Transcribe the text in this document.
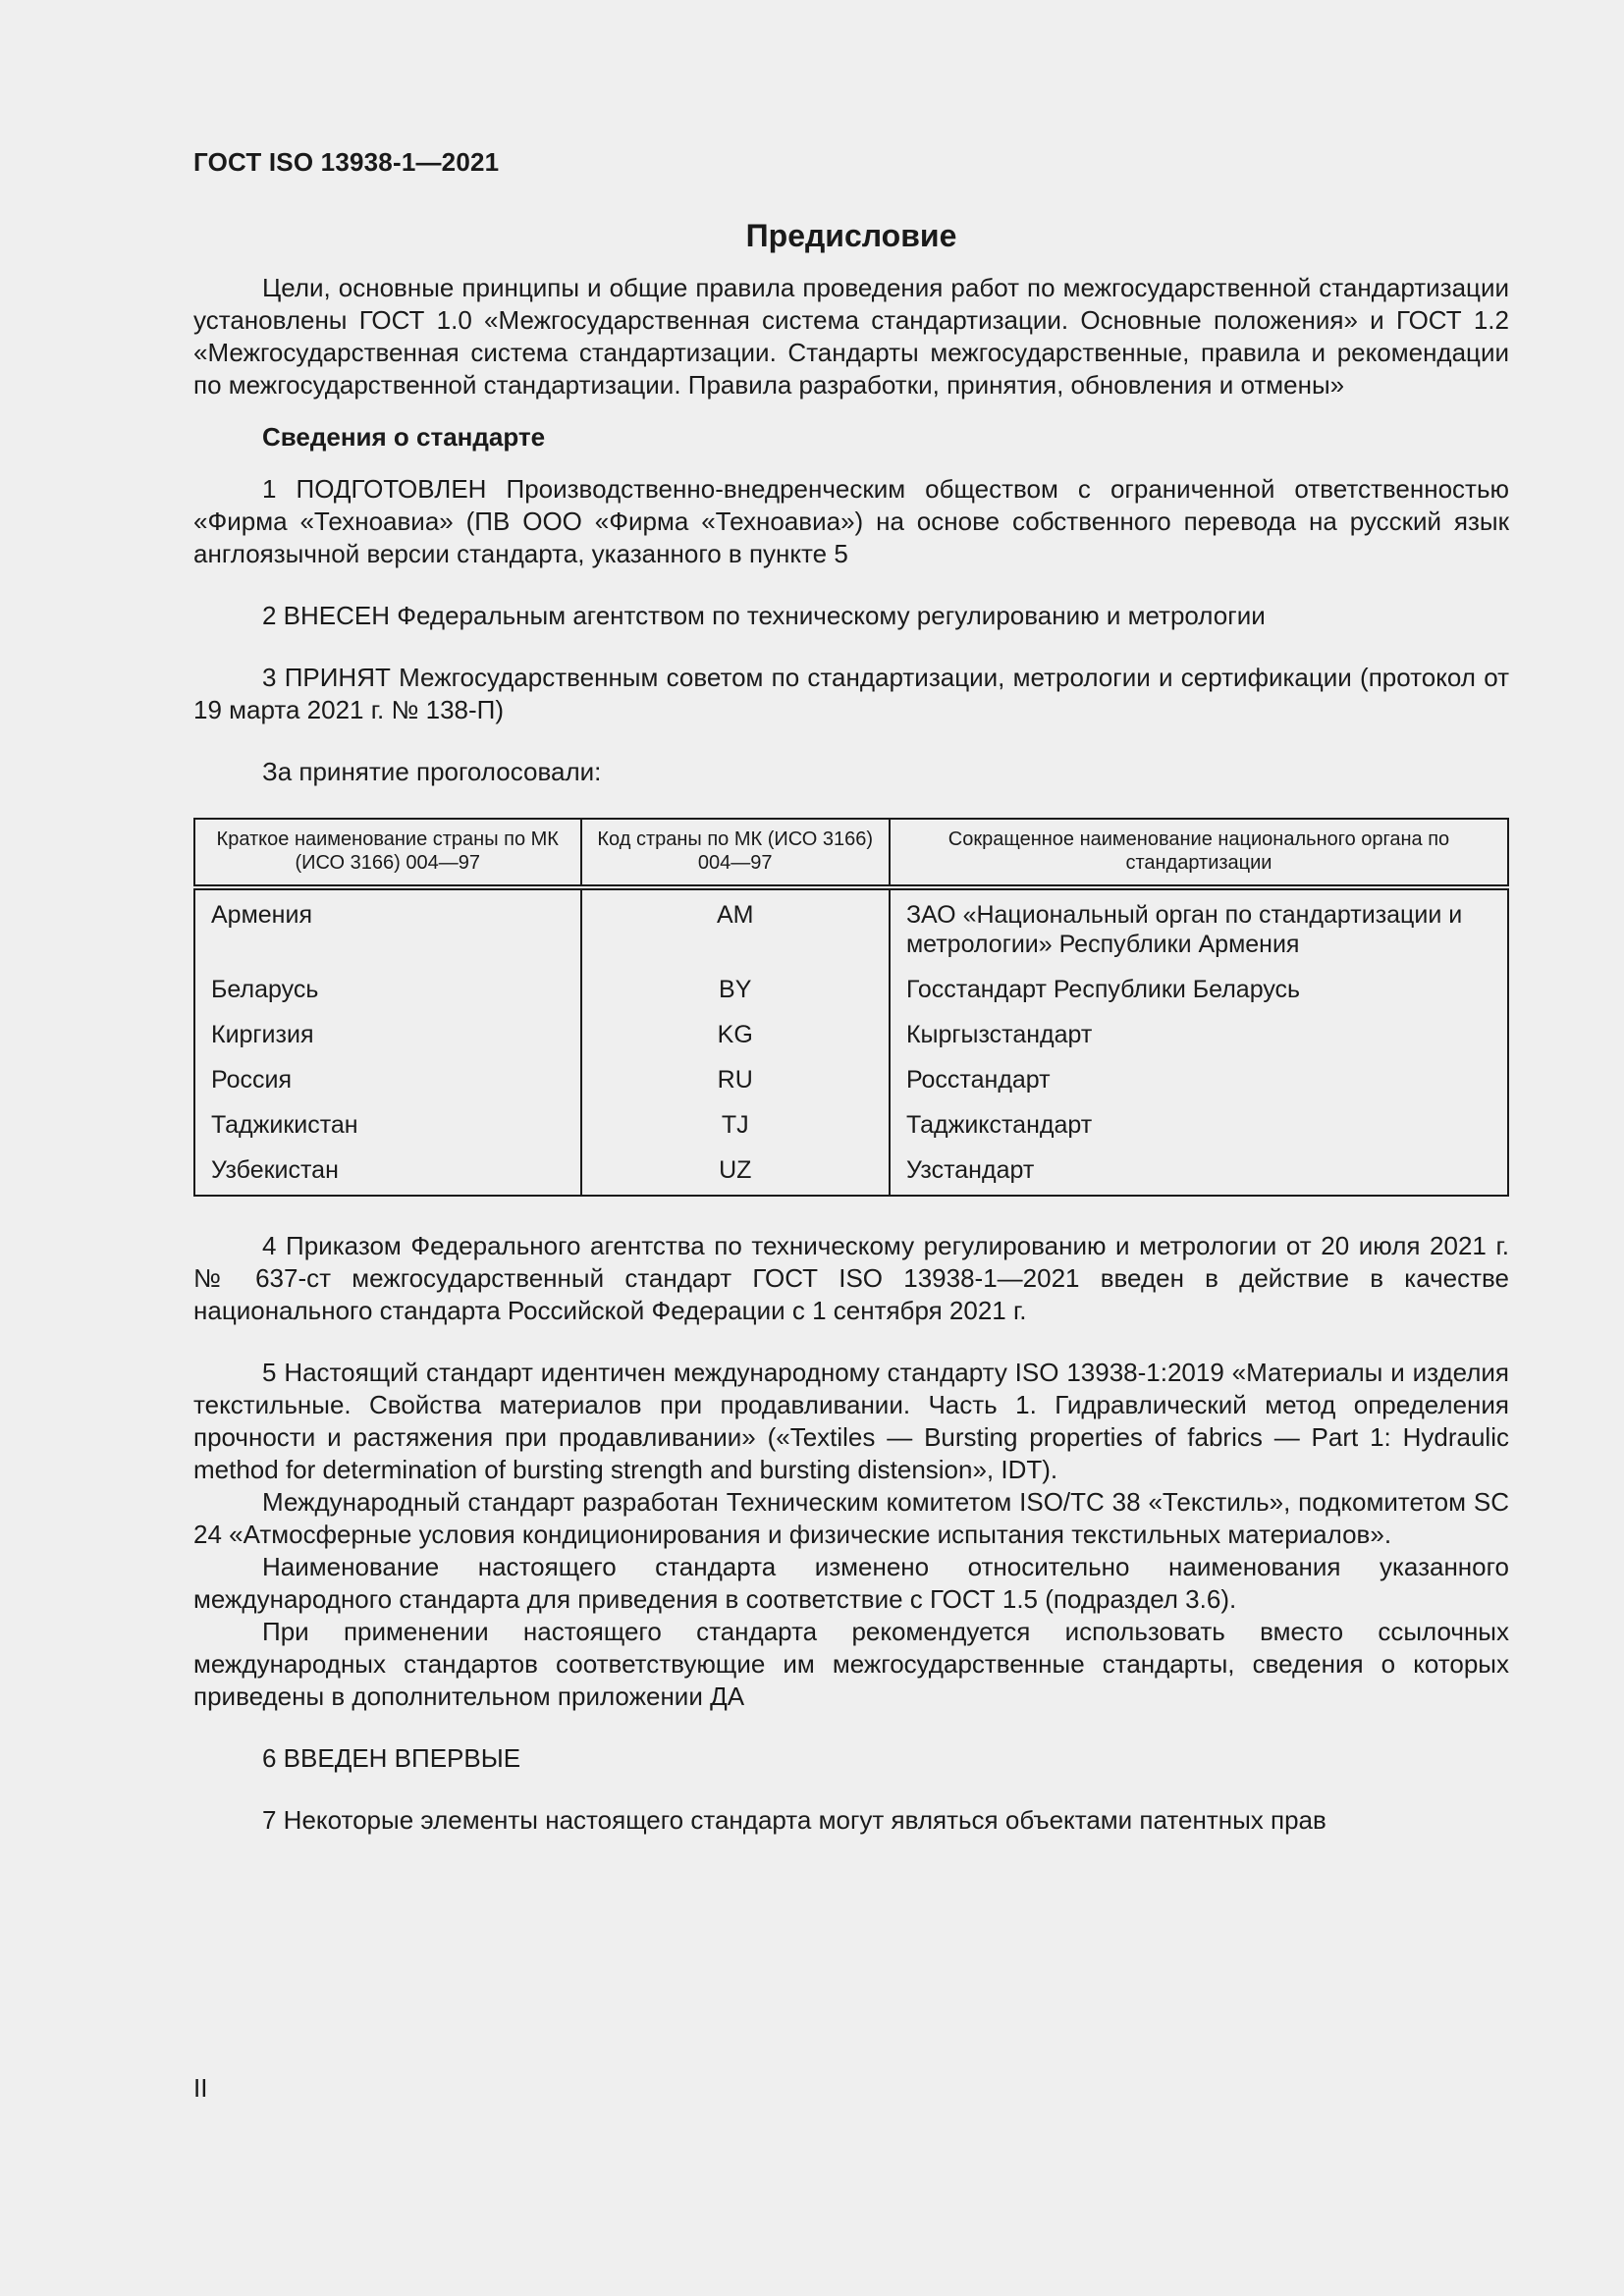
ГОСТ ISO 13938-1—2021
Предисловие

Цели, основные принципы и общие правила проведения работ по межгосударственной стандартизации установлены ГОСТ 1.0 «Межгосударственная система стандартизации. Основные положения» и ГОСТ 1.2 «Межгосударственная система стандартизации. Стандарты межгосударственные, правила и рекомендации по межгосударственной стандартизации. Правила разработки, принятия, обновления и отмены»

Сведения о стандарте

1 ПОДГОТОВЛЕН Производственно-внедренческим обществом с ограниченной ответственностью «Фирма «Техноавиа» (ПВ ООО «Фирма «Техноавиа») на основе собственного перевода на русский язык англоязычной версии стандарта, указанного в пункте 5

2 ВНЕСЕН Федеральным агентством по техническому регулированию и метрологии

3 ПРИНЯТ Межгосударственным советом по стандартизации, метрологии и сертификации (протокол от 19 марта 2021 г. № 138-П)

За принятие проголосовали:

Краткое наименование страны по МК (ИСО 3166) 004—97	Код страны по МК (ИСО 3166) 004—97	Сокращенное наименование национального органа по стандартизации
Армения	AM	ЗАО «Национальный орган по стандартизации и метрологии» Республики Армения
Беларусь	BY	Госстандарт Республики Беларусь
Киргизия	KG	Кыргызстандарт
Россия	RU	Росстандарт
Таджикистан	TJ	Таджикстандарт
Узбекистан	UZ	Узстандарт

4 Приказом Федерального агентства по техническому регулированию и метрологии от 20 июля 2021 г. № 637-ст межгосударственный стандарт ГОСТ ISO 13938-1—2021 введен в действие в качестве национального стандарта Российской Федерации с 1 сентября 2021 г.

5 Настоящий стандарт идентичен международному стандарту ISO 13938-1:2019 «Материалы и изделия текстильные. Свойства материалов при продавливании. Часть 1. Гидравлический метод определения прочности и растяжения при продавливании» («Textiles — Bursting properties of fabrics — Part 1: Hydraulic method for determination of bursting strength and bursting distension», IDT).

Международный стандарт разработан Техническим комитетом ISO/TC 38 «Текстиль», подкомитетом SC 24 «Атмосферные условия кондиционирования и физические испытания текстильных материалов».

Наименование настоящего стандарта изменено относительно наименования указанного международного стандарта для приведения в соответствие с ГОСТ 1.5 (подраздел 3.6).

При применении настоящего стандарта рекомендуется использовать вместо ссылочных международных стандартов соответствующие им межгосударственные стандарты, сведения о которых приведены в дополнительном приложении ДА

6 ВВЕДЕН ВПЕРВЫЕ

7 Некоторые элементы настоящего стандарта могут являться объектами патентных прав

II
